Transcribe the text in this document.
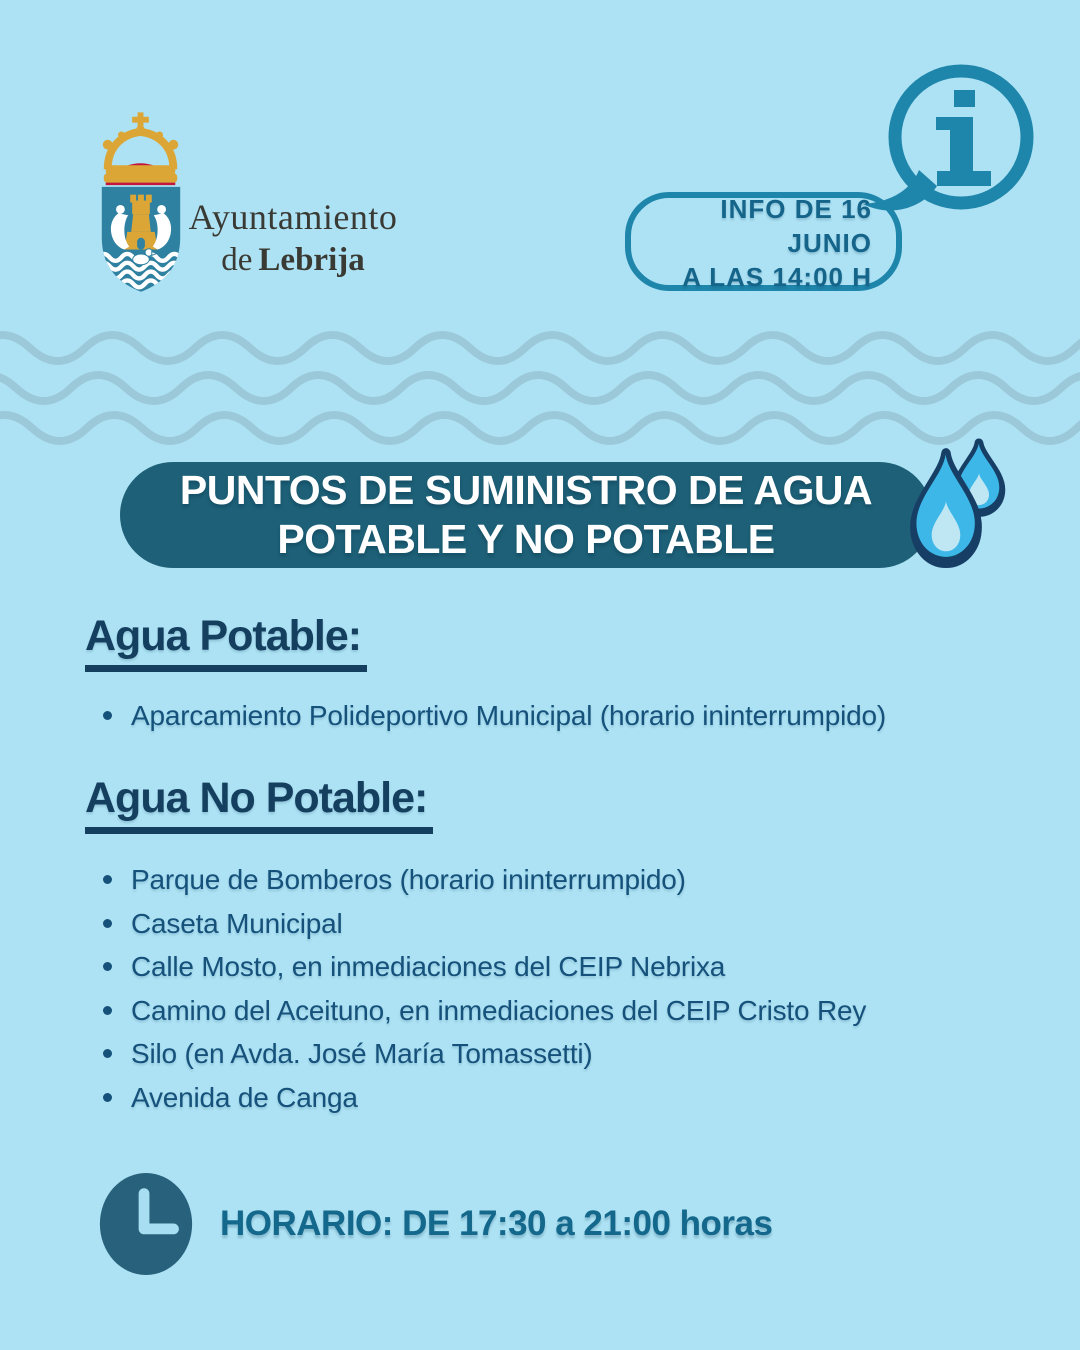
Ayuntamiento
de Lebrija
INFO DE 16 JUNIO
A LAS 14:00 H
PUNTOS DE SUMINISTRO DE AGUA
POTABLE Y NO POTABLE
Agua Potable:
Aparcamiento Polideportivo Municipal (horario ininterrumpido)
Agua No Potable:
Parque de Bomberos (horario ininterrumpido)
Caseta Municipal
Calle Mosto, en inmediaciones del CEIP Nebrixa
Camino del Aceituno, en inmediaciones del CEIP Cristo Rey
Silo (en Avda. José María Tomassetti)
Avenida de Canga
HORARIO: DE 17:30 a 21:00 horas
